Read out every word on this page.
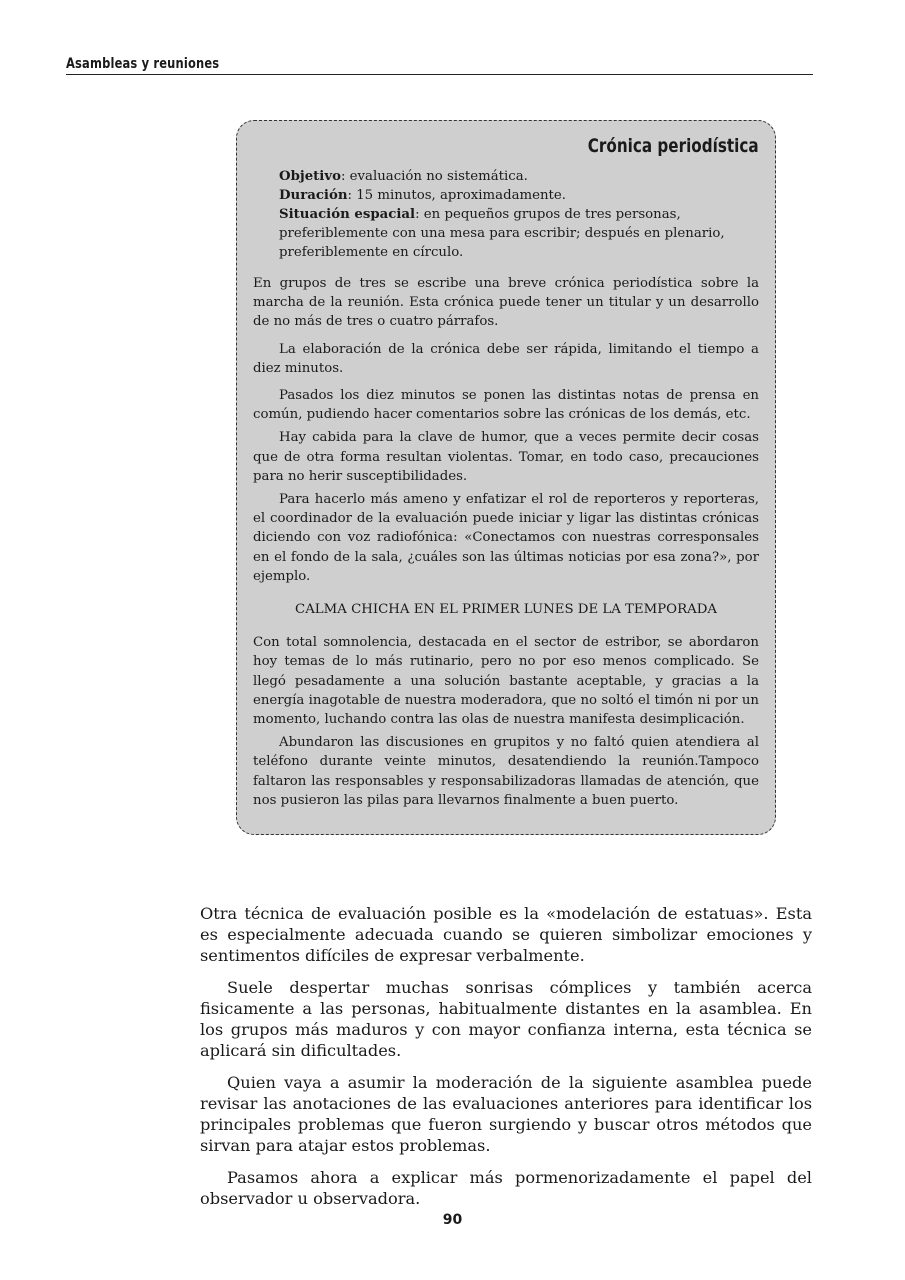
Asambleas y reuniones
Crónica periodística
Objetivo: evaluación no sistemática.
Duración: 15 minutos, aproximadamente.
Situación espacial: en pequeños grupos de tres personas, preferiblemente con una mesa para escribir; después en plenario, preferiblemente en círculo.

En grupos de tres se escribe una breve crónica periodística sobre la marcha de la reunión. Esta crónica puede tener un titular y un desarrollo de no más de tres o cuatro párrafos.

La elaboración de la crónica debe ser rápida, limitando el tiempo a diez minutos.

Pasados los diez minutos se ponen las distintas notas de prensa en común, pudiendo hacer comentarios sobre las crónicas de los demás, etc.

Hay cabida para la clave de humor, que a veces permite decir cosas que de otra forma resultan violentas. Tomar, en todo caso, precauciones para no herir susceptibilidades.

Para hacerlo más ameno y enfatizar el rol de reporteros y reporteras, el coordinador de la evaluación puede iniciar y ligar las distintas crónicas diciendo con voz radiofónica: «Conectamos con nuestras corresponsales en el fondo de la sala, ¿cuáles son las últimas noticias por esa zona?», por ejemplo.

CALMA CHICHA EN EL PRIMER LUNES DE LA TEMPORADA

Con total somnolencia, destacada en el sector de estribor, se abordaron hoy temas de lo más rutinario, pero no por eso menos complicado. Se llegó pesadamente a una solución bastante aceptable, y gracias a la energía inagotable de nuestra moderadora, que no soltó el timón ni por un momento, luchando contra las olas de nuestra manifesta desimplicación.

Abundaron las discusiones en grupitos y no faltó quien atendiera al teléfono durante veinte minutos, desatendiendo la reunión.Tampoco faltaron las responsables y responsabilizadoras llamadas de atención, que nos pusieron las pilas para llevarnos finalmente a buen puerto.

Otra técnica de evaluación posible es la «modelación de estatuas». Esta es especialmente adecuada cuando se quieren simbolizar emociones y sentimentos difíciles de expresar verbalmente.

Suele despertar muchas sonrisas cómplices y también acerca fisicamente a las personas, habitualmente distantes en la asamblea. En los grupos más maduros y con mayor confianza interna, esta técnica se aplicará sin dificultades.

Quien vaya a asumir la moderación de la siguiente asamblea puede revisar las anotaciones de las evaluaciones anteriores para identificar los principales problemas que fueron surgiendo y buscar otros métodos que sirvan para atajar estos problemas.

Pasamos ahora a explicar más pormenorizadamente el papel del observador u observadora.

90
